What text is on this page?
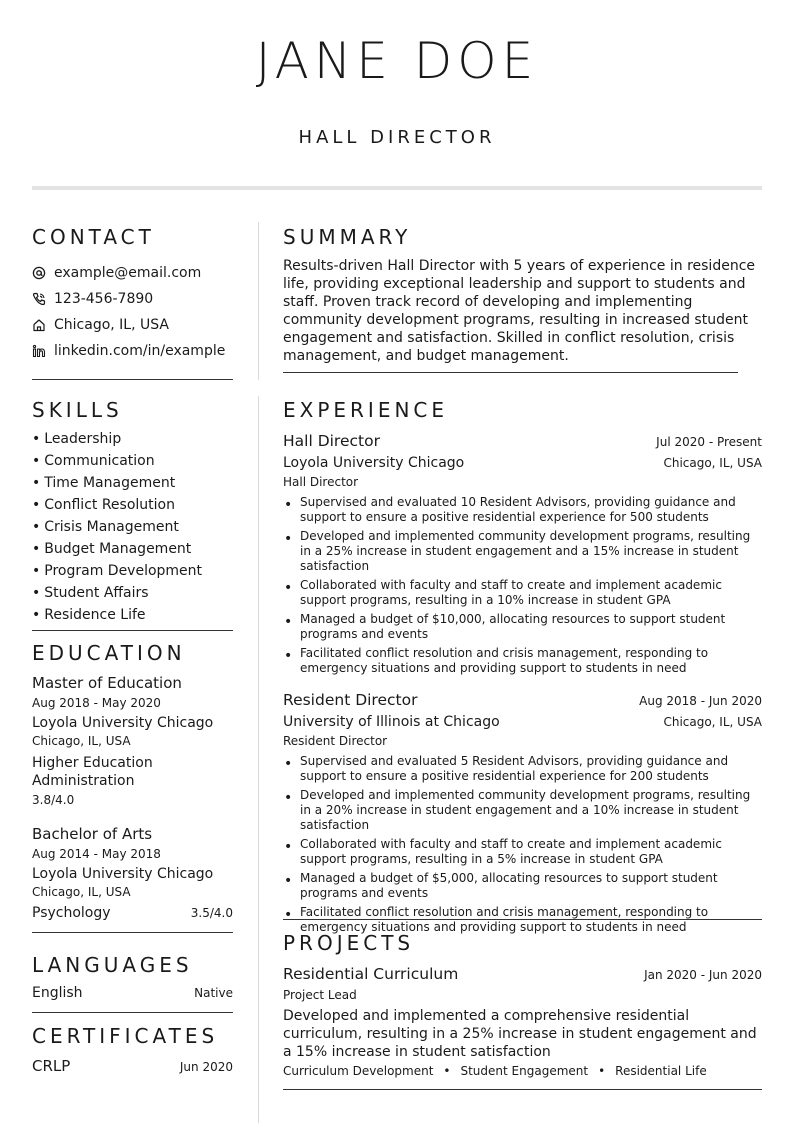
JANE DOE
HALL DIRECTOR
CONTACT
example@email.com
123-456-7890
Chicago, IL, USA
linkedin.com/in/example
SKILLS
• Leadership
• Communication
• Time Management
• Conflict Resolution
• Crisis Management
• Budget Management
• Program Development
• Student Affairs
• Residence Life
EDUCATION
Master of Education
Aug 2018 - May 2020
Loyola University Chicago
Chicago, IL, USA
Higher Education Administration
3.8/4.0
Bachelor of Arts
Aug 2014 - May 2018
Loyola University Chicago
Chicago, IL, USA
Psychology	3.5/4.0
LANGUAGES
English	Native
CERTIFICATES
CRLP	Jun 2020
SUMMARY
Results-driven Hall Director with 5 years of experience in residence life, providing exceptional leadership and support to students and staff. Proven track record of developing and implementing community development programs, resulting in increased student engagement and satisfaction. Skilled in conflict resolution, crisis management, and budget management.
EXPERIENCE
Hall Director	Jul 2020 - Present
Loyola University Chicago	Chicago, IL, USA
Hall Director
• Supervised and evaluated 10 Resident Advisors, providing guidance and support to ensure a positive residential experience for 500 students
• Developed and implemented community development programs, resulting in a 25% increase in student engagement and a 15% increase in student satisfaction
• Collaborated with faculty and staff to create and implement academic support programs, resulting in a 10% increase in student GPA
• Managed a budget of $10,000, allocating resources to support student programs and events
• Facilitated conflict resolution and crisis management, responding to emergency situations and providing support to students in need
Resident Director	Aug 2018 - Jun 2020
University of Illinois at Chicago	Chicago, IL, USA
Resident Director
• Supervised and evaluated 5 Resident Advisors, providing guidance and support to ensure a positive residential experience for 200 students
• Developed and implemented community development programs, resulting in a 20% increase in student engagement and a 10% increase in student satisfaction
• Collaborated with faculty and staff to create and implement academic support programs, resulting in a 5% increase in student GPA
• Managed a budget of $5,000, allocating resources to support student programs and events
• Facilitated conflict resolution and crisis management, responding to emergency situations and providing support to students in need
PROJECTS
Residential Curriculum	Jan 2020 - Jun 2020
Project Lead
Developed and implemented a comprehensive residential curriculum, resulting in a 25% increase in student engagement and a 15% increase in student satisfaction
Curriculum Development • Student Engagement • Residential Life
